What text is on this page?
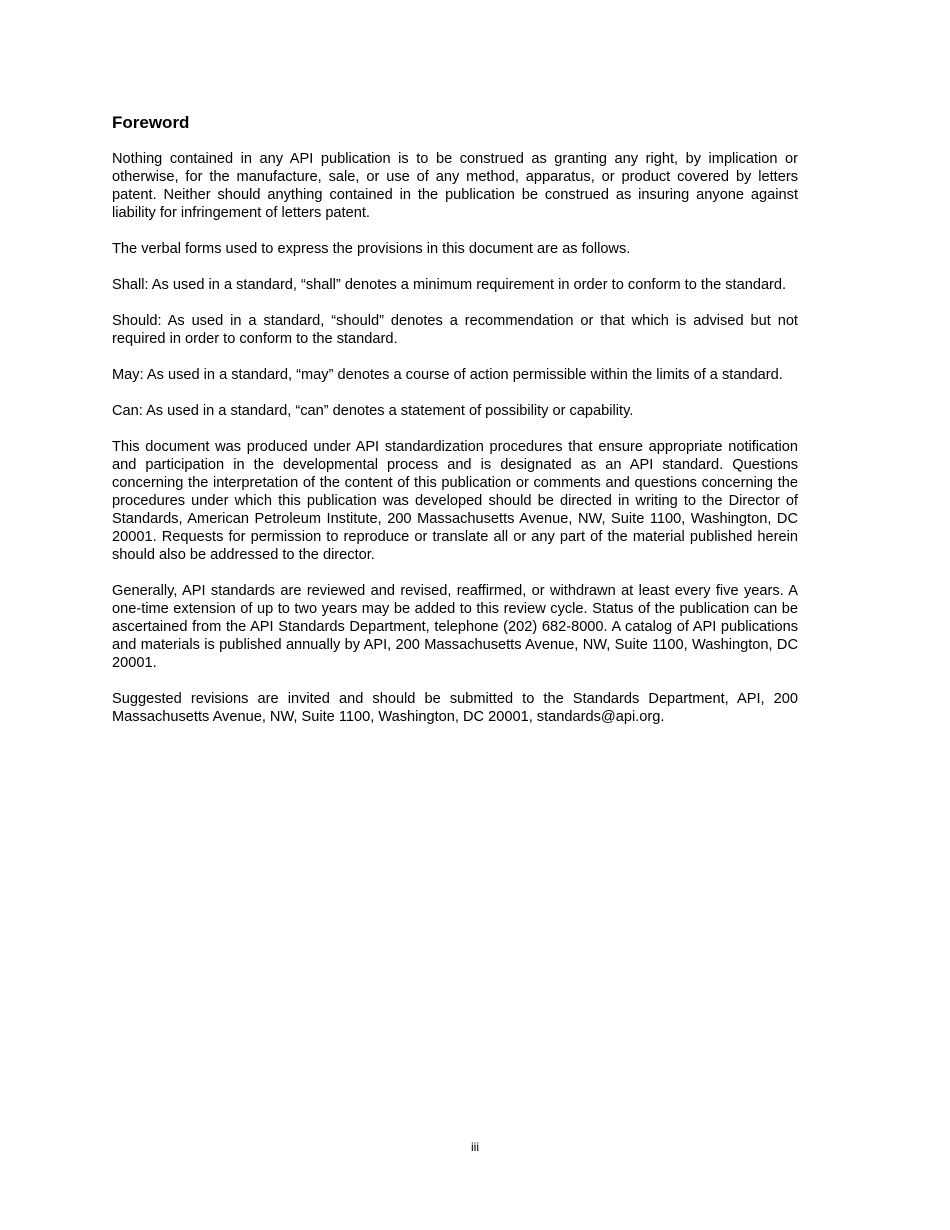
Foreword

Nothing contained in any API publication is to be construed as granting any right, by implication or otherwise, for the manufacture, sale, or use of any method, apparatus, or product covered by letters patent. Neither should anything contained in the publication be construed as insuring anyone against liability for infringement of letters patent.

The verbal forms used to express the provisions in this document are as follows.

Shall: As used in a standard, “shall” denotes a minimum requirement in order to conform to the standard.

Should: As used in a standard, “should” denotes a recommendation or that which is advised but not required in order to conform to the standard.

May: As used in a standard, “may” denotes a course of action permissible within the limits of a standard.

Can: As used in a standard, “can” denotes a statement of possibility or capability.

This document was produced under API standardization procedures that ensure appropriate notification and participation in the developmental process and is designated as an API standard. Questions concerning the interpretation of the content of this publication or comments and questions concerning the procedures under which this publication was developed should be directed in writing to the Director of Standards, American Petroleum Institute, 200 Massachusetts Avenue, NW, Suite 1100, Washington, DC 20001. Requests for permission to reproduce or translate all or any part of the material published herein should also be addressed to the director.

Generally, API standards are reviewed and revised, reaffirmed, or withdrawn at least every five years. A one-time extension of up to two years may be added to this review cycle. Status of the publication can be ascertained from the API Standards Department, telephone (202) 682-8000. A catalog of API publications and materials is published annually by API, 200 Massachusetts Avenue, NW, Suite 1100, Washington, DC 20001.

Suggested revisions are invited and should be submitted to the Standards Department, API, 200 Massachusetts Avenue, NW, Suite 1100, Washington, DC 20001, standards@api.org.

iii
